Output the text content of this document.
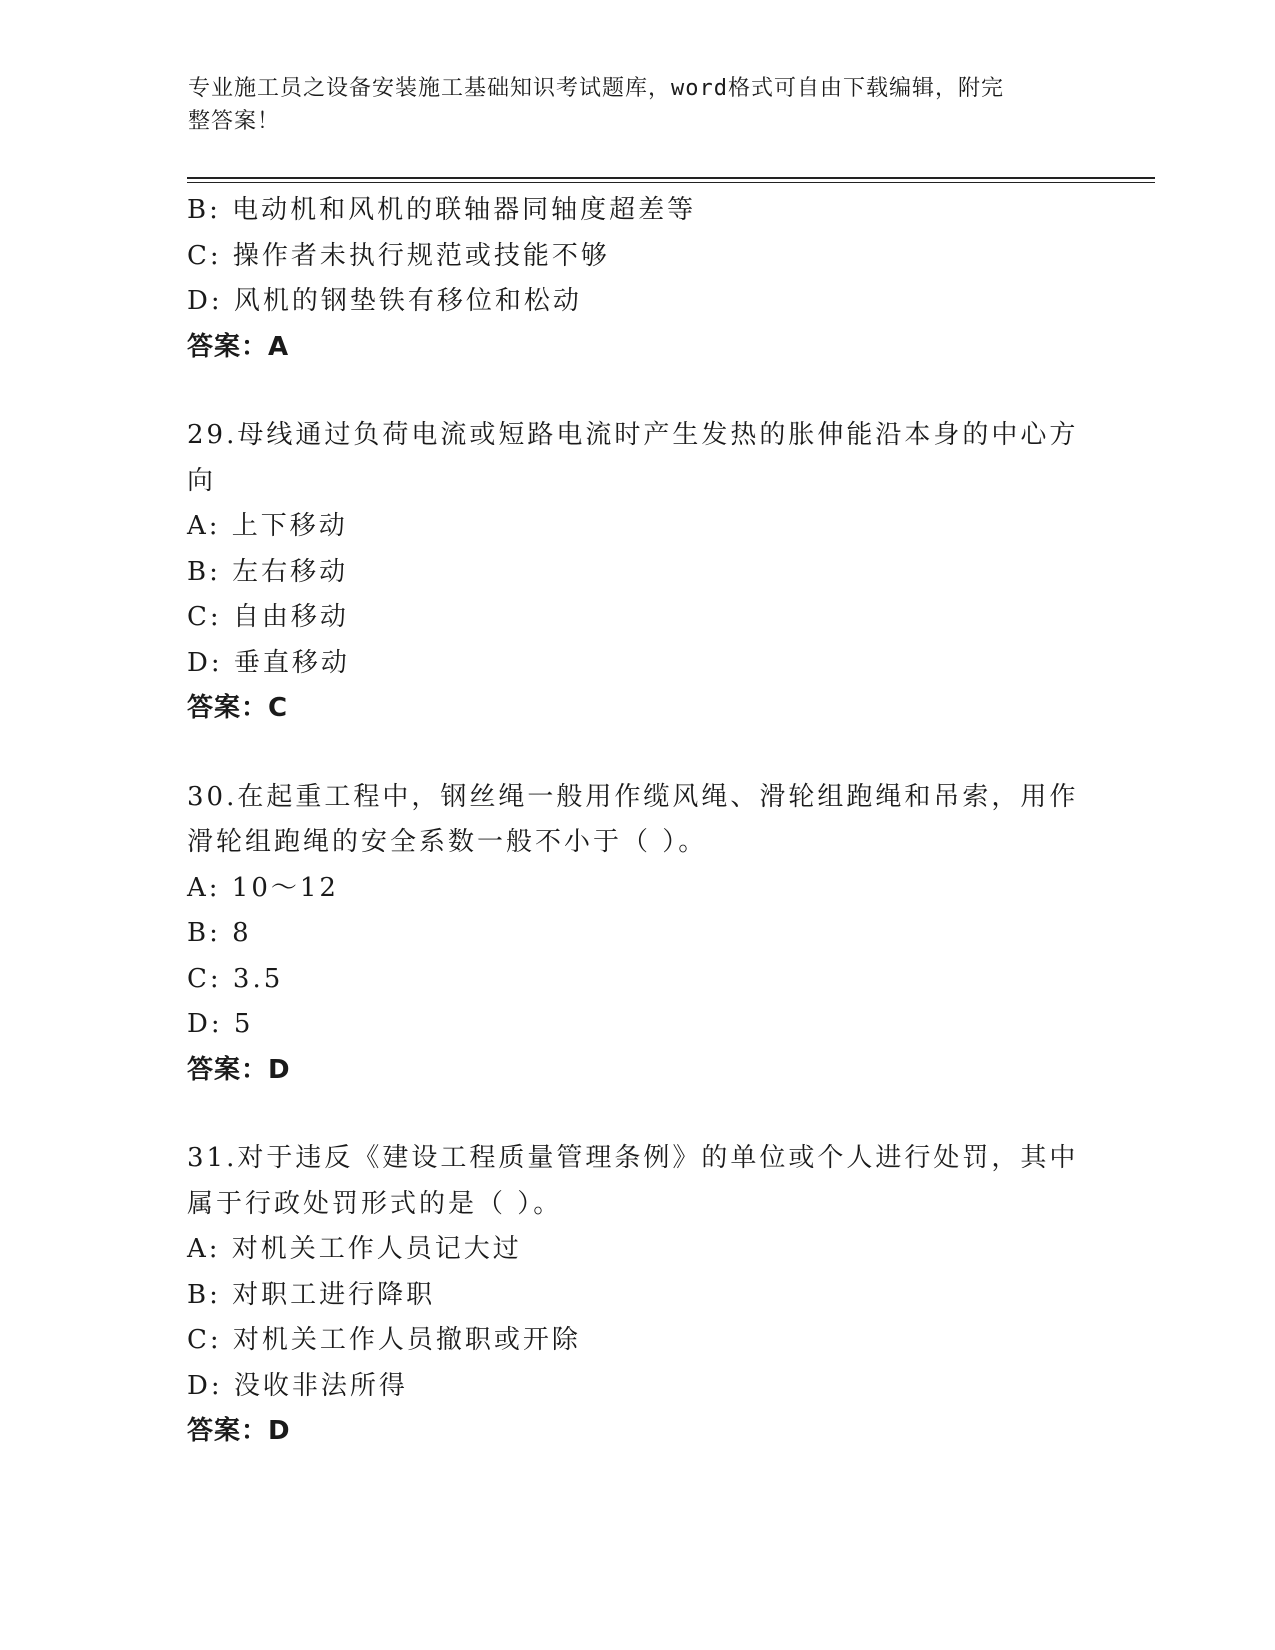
专业施工员之设备安装施工基础知识考试题库，word格式可自由下载编辑，附完
整答案！
B: 电动机和风机的联轴器同轴度超差等
C: 操作者未执行规范或技能不够
D: 风机的钢垫铁有移位和松动
答案：A
29.母线通过负荷电流或短路电流时产生发热的胀伸能沿本身的中心方
向
A: 上下移动
B: 左右移动
C: 自由移动
D: 垂直移动
答案：C
30.在起重工程中，钢丝绳一般用作缆风绳、滑轮组跑绳和吊索，用作
滑轮组跑绳的安全系数一般不小于（ ）。
A: 10～12
B: 8
C: 3.5
D: 5
答案：D
31.对于违反《建设工程质量管理条例》的单位或个人进行处罚，其中
属于行政处罚形式的是（ ）。
A: 对机关工作人员记大过
B: 对职工进行降职
C: 对机关工作人员撤职或开除
D: 没收非法所得
答案：D
